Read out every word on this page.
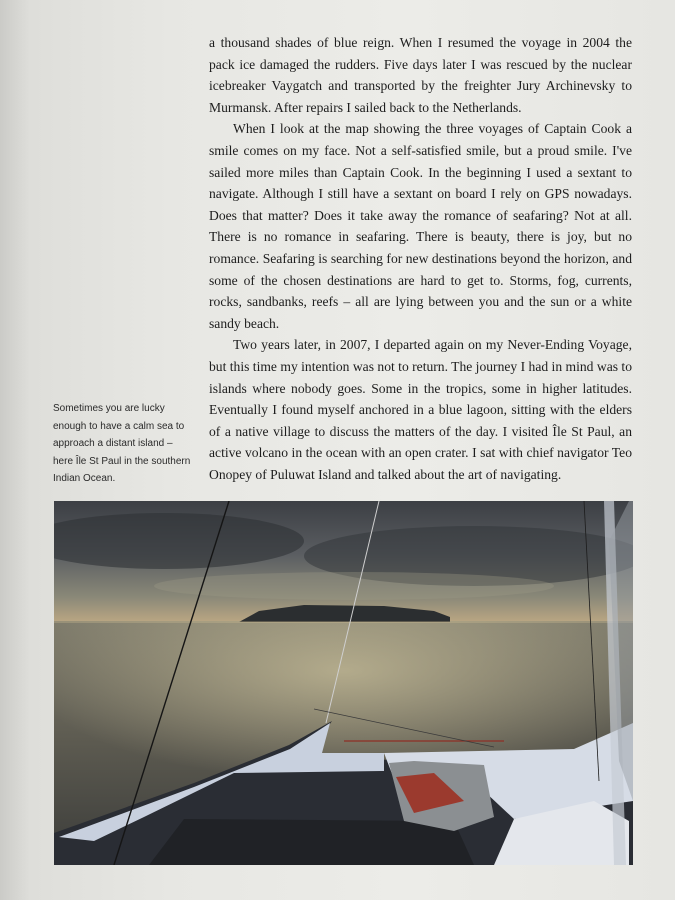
a thousand shades of blue reign. When I resumed the voyage in 2004 the pack ice damaged the rudders. Five days later I was rescued by the nuclear icebreaker Vaygatch and transported by the freighter Jury Archinevsky to Murmansk. After repairs I sailed back to the Netherlands.

When I look at the map showing the three voyages of Captain Cook a smile comes on my face. Not a self-satisfied smile, but a proud smile. I've sailed more miles than Captain Cook. In the beginning I used a sextant to navigate. Although I still have a sextant on board I rely on GPS nowadays. Does that matter? Does it take away the romance of seafaring? Not at all. There is no romance in seafaring. There is beauty, there is joy, but no romance. Seafaring is searching for new destinations beyond the horizon, and some of the chosen destinations are hard to get to. Storms, fog, currents, rocks, sandbanks, reefs – all are lying between you and the sun or a white sandy beach.

Two years later, in 2007, I departed again on my Never-Ending Voyage, but this time my intention was not to return. The journey I had in mind was to islands where nobody goes. Some in the tropics, some in higher latitudes. Eventually I found myself anchored in a blue lagoon, sitting with the elders of a native village to discuss the matters of the day. I visited Île St Paul, an active volcano in the ocean with an open crater. I sat with chief navigator Teo Onopey of Puluwat Island and talked about the art of navigating.

Sometimes you are lucky enough to have a calm sea to approach a distant island – here Île St Paul in the southern Indian Ocean.
